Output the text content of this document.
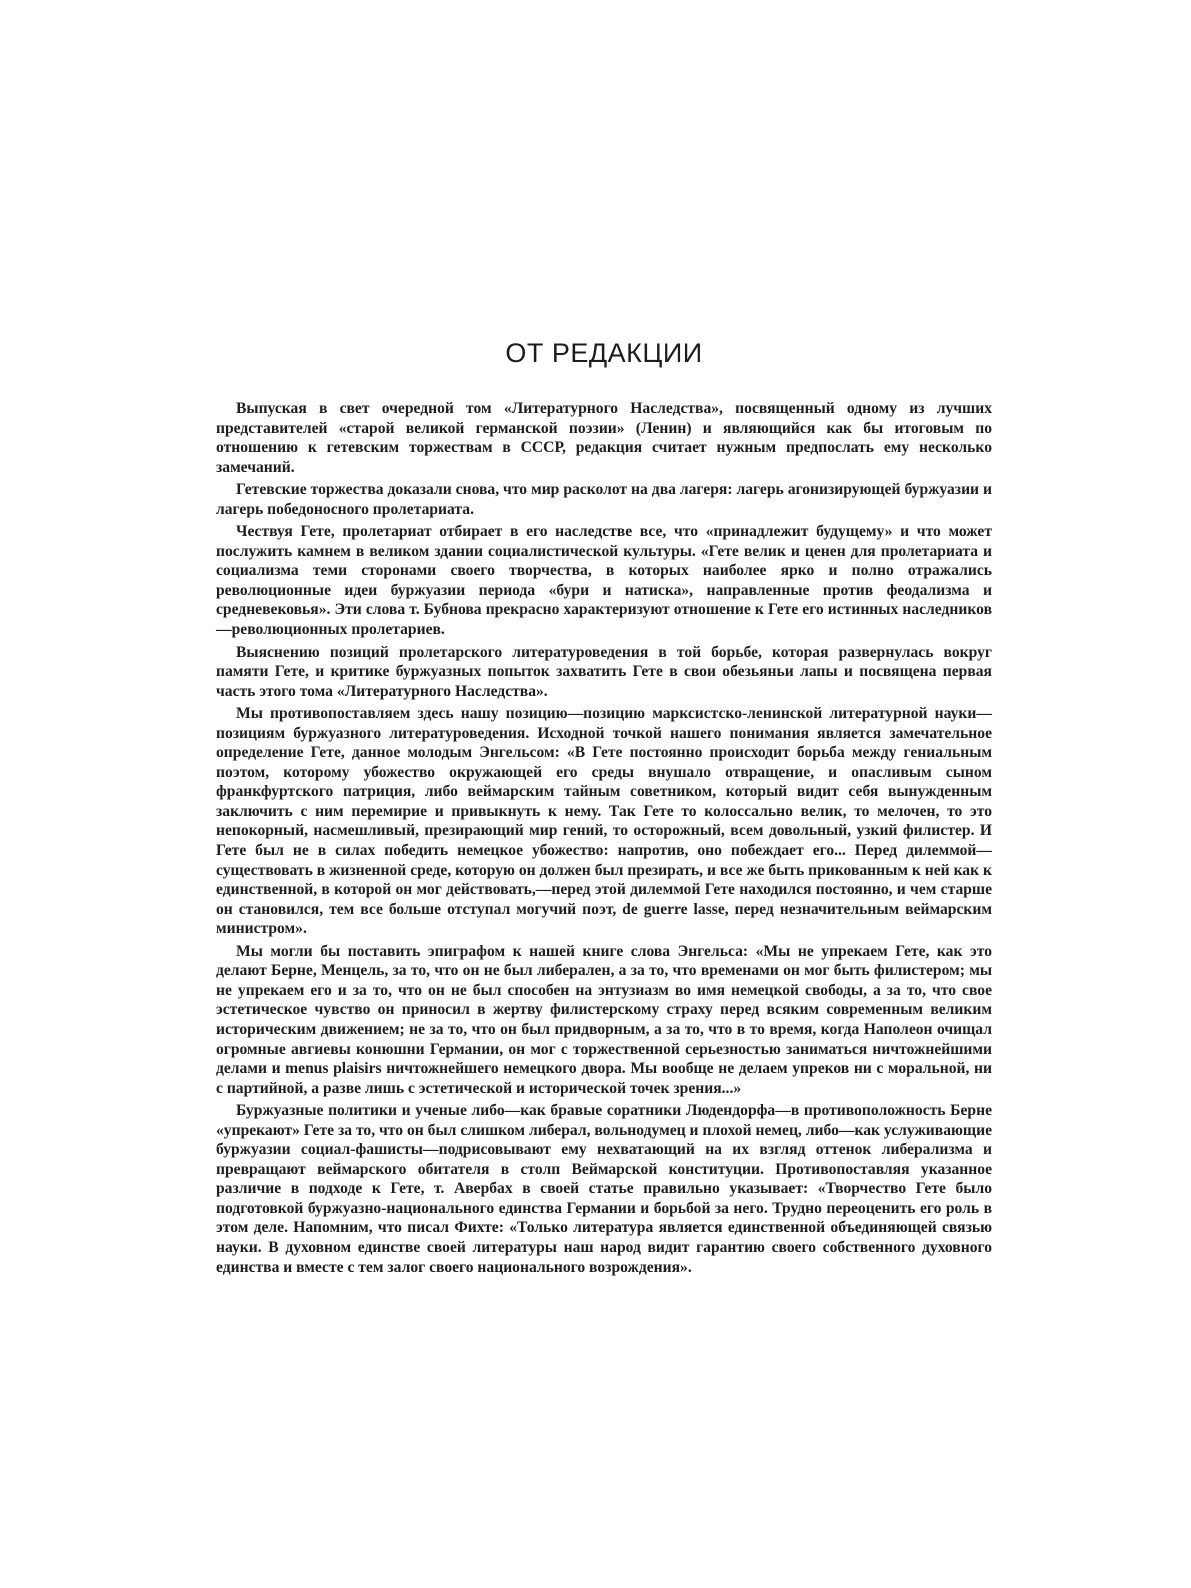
ОТ РЕДАКЦИИ

Выпуская в свет очередной том «Литературного Наследства», посвященный одному из лучших представителей «старой великой германской поэзии» (Ленин) и являющийся как бы итоговым по отношению к гетевским торжествам в СССР, редакция считает нужным предпослать ему несколько замечаний.

Гетевские торжества доказали снова, что мир расколот на два лагеря: лагерь агонизирующей буржуазии и лагерь победоносного пролетариата.

Чествуя Гете, пролетариат отбирает в его наследстве все, что «принадлежит будущему» и что может послужить камнем в великом здании социалистической культуры. «Гете велик и ценен для пролетариата и социализма теми сторонами своего творчества, в которых наиболее ярко и полно отражались революционные идеи буржуазии периода «бури и натиска», направленные против феодализма и средневековья». Эти слова т. Бубнова прекрасно характеризуют отношение к Гете его истинных наследников—революционных пролетариев.

Выяснению позиций пролетарского литературоведения в той борьбе, которая развернулась вокруг памяти Гете, и критике буржуазных попыток захватить Гете в свои обезьяньи лапы и посвящена первая часть этого тома «Литературного Наследства».

Мы противопоставляем здесь нашу позицию—позицию марксистско-ленинской литературной науки—позициям буржуазного литературоведения. Исходной точкой нашего понимания является замечательное определение Гете, данное молодым Энгельсом: «В Гете постоянно происходит борьба между гениальным поэтом, которому убожество окружающей его среды внушало отвращение, и опасливым сыном франкфуртского патриция, либо веймарским тайным советником, который видит себя вынужденным заключить с ним перемирие и привыкнуть к нему. Так Гете то колоссально велик, то мелочен, то это непокорный, насмешливый, презирающий мир гений, то осторожный, всем довольный, узкий филистер. И Гете был не в силах победить немецкое убожество: напротив, оно побеждает его... Перед дилеммой—существовать в жизненной среде, которую он должен был презирать, и все же быть прикованным к ней как к единственной, в которой он мог действовать,—перед этой дилеммой Гете находился постоянно, и чем старше он становился, тем все больше отступал могучий поэт, de guerre lasse, перед незначительным веймарским министром».

Мы могли бы поставить эпиграфом к нашей книге слова Энгельса: «Мы не упрекаем Гете, как это делают Берне, Менцель, за то, что он не был либерален, а за то, что временами он мог быть филистером; мы не упрекаем его и за то, что он не был способен на энтузиазм во имя немецкой свободы, а за то, что свое эстетическое чувство он приносил в жертву филистерскому страху перед всяким современным великим историческим движением; не за то, что он был придворным, а за то, что в то время, когда Наполеон очищал огромные авгиевы конюшни Германии, он мог с торжественной серьезностью заниматься ничтожнейшими делами и menus plaisirs ничтожнейшего немецкого двора. Мы вообще не делаем упреков ни с моральной, ни с партийной, а разве лишь с эстетической и исторической точек зрения...»

Буржуазные политики и ученые либо—как бравые соратники Людендорфа—в противоположность Берне «упрекают» Гете за то, что он был слишком либерал, вольнодумец и плохой немец, либо—как услуживающие буржуазии социал-фашисты—подрисовывают ему нехватающий на их взгляд оттенок либерализма и превращают веймарского обитателя в столп Веймарской конституции. Противопоставляя указанное различие в подходе к Гете, т. Авербах в своей статье правильно указывает: «Творчество Гете было подготовкой буржуазно-национального единства Германии и борьбой за него. Трудно переоценить его роль в этом деле. Напомним, что писал Фихте: «Только литература является единственной объединяющей связью науки. В духовном единстве своей литературы наш народ видит гарантию своего собственного духовного единства и вместе с тем залог своего национального возрождения».
